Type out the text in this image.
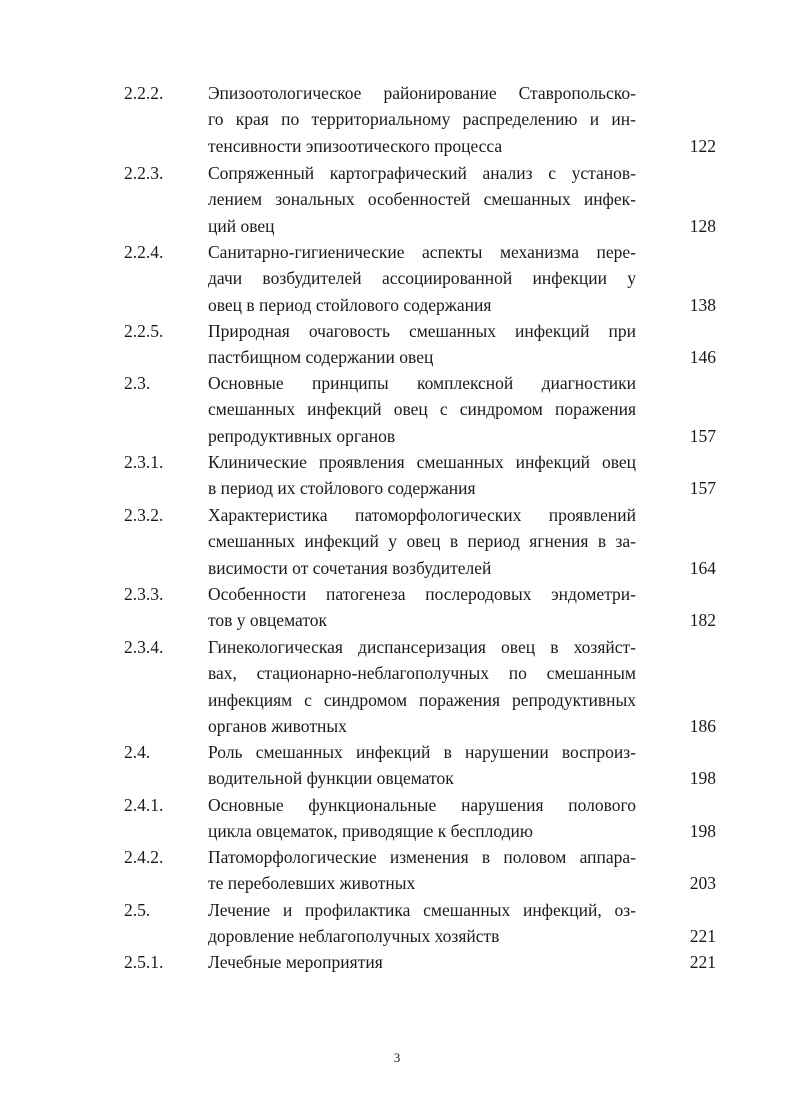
2.2.2.	Эпизоотологическое районирование Ставропольско-
го края по территориальному распределению и ин-
тенсивности эпизоотического процесса	122
2.2.3.	Сопряженный картографический анализ с установ-
лением зональных особенностей смешанных инфек-
ций овец	128
2.2.4.	Санитарно-гигиенические аспекты механизма пере-
дачи возбудителей ассоциированной инфекции у
овец в период стойлового содержания	138
2.2.5.	Природная очаговость смешанных инфекций при
пастбищном содержании овец	146
2.3.	Основные принципы комплексной диагностики
смешанных инфекций овец с синдромом поражения
репродуктивных органов	157
2.3.1.	Клинические проявления смешанных инфекций овец
в период их стойлового содержания	157
2.3.2.	Характеристика патоморфологических проявлений
смешанных инфекций у овец в период ягнения в за-
висимости от сочетания возбудителей	164
2.3.3.	Особенности патогенеза послеродовых эндометри-
тов у овцематок	182
2.3.4.	Гинекологическая диспансеризация овец в хозяйст-
вах, стационарно-неблагополучных по смешанным
инфекциям с синдромом поражения репродуктивных
органов животных	186
2.4.	Роль смешанных инфекций в нарушении воспроиз-
водительной функции овцематок	198
2.4.1.	Основные функциональные нарушения полового
цикла овцематок, приводящие к бесплодию	198
2.4.2.	Патоморфологические изменения в половом аппара-
те переболевших животных	203
2.5.	Лечение и профилактика смешанных инфекций, оз-
доровление неблагополучных хозяйств	221
2.5.1.	Лечебные мероприятия	221
3
